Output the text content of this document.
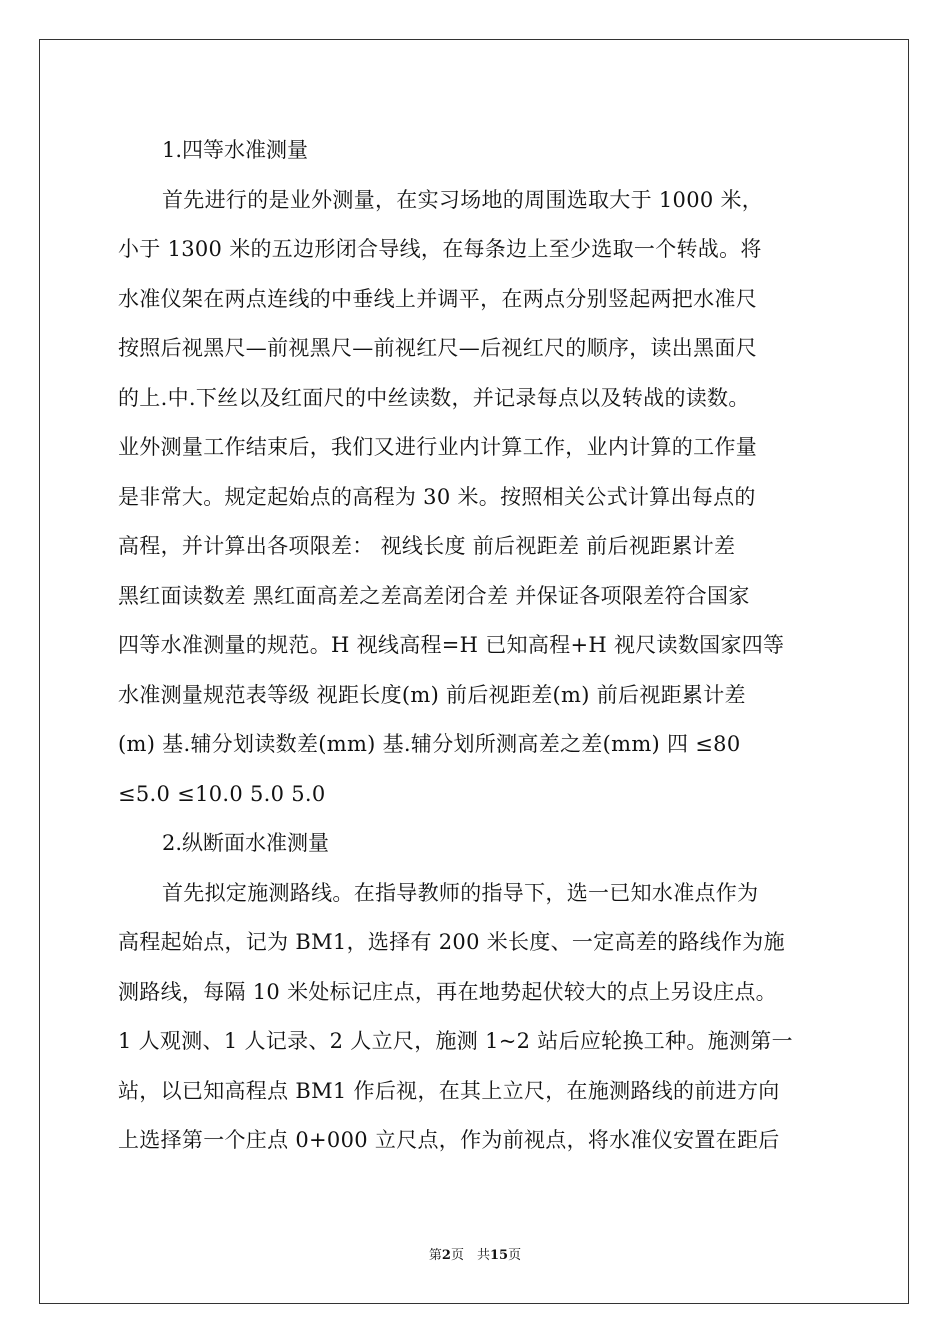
1.四等水准测量
首先进行的是业外测量，在实习场地的周围选取大于 1000 米，
小于 1300 米的五边形闭合导线，在每条边上至少选取一个转战。将
水准仪架在两点连线的中垂线上并调平，在两点分别竖起两把水准尺
按照后视黑尺—前视黑尺—前视红尺—后视红尺的顺序，读出黑面尺
的上.中.下丝以及红面尺的中丝读数，并记录每点以及转战的读数。
业外测量工作结束后，我们又进行业内计算工作，业内计算的工作量
是非常大。规定起始点的高程为 30 米。按照相关公式计算出每点的
高程，并计算出各项限差： 视线长度 前后视距差 前后视距累计差
黑红面读数差 黑红面高差之差高差闭合差 并保证各项限差符合国家
四等水准测量的规范。H 视线高程=H 已知高程+H 视尺读数国家四等
水准测量规范表等级 视距长度(m) 前后视距差(m) 前后视距累计差
(m) 基.辅分划读数差(mm) 基.辅分划所测高差之差(mm) 四 ≤80
≤5.0 ≤10.0 5.0 5.0
2.纵断面水准测量
首先拟定施测路线。在指导教师的指导下，选一已知水准点作为
高程起始点，记为 BM1，选择有 200 米长度、一定高差的路线作为施
测路线，每隔 10 米处标记庄点，再在地势起伏较大的点上另设庄点。
1 人观测、1 人记录、2 人立尺，施测 1~2 站后应轮换工种。施测第一
站，以已知高程点 BM1 作后视，在其上立尺，在施测路线的前进方向
上选择第一个庄点 0+000 立尺点，作为前视点，将水准仪安置在距后
第2页　共15页
